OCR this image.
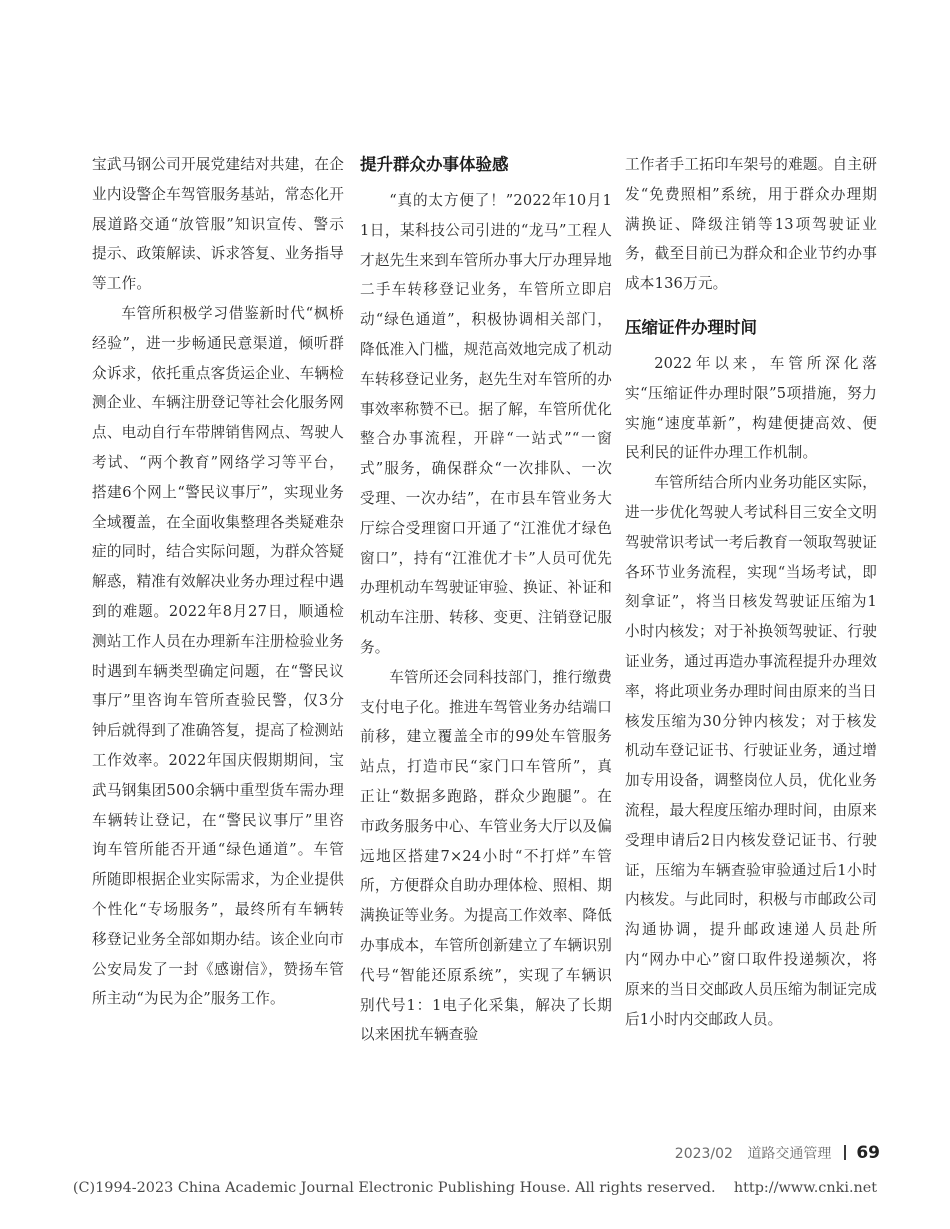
宝武马钢公司开展党建结对共建，在企业内设警企车驾管服务基站，常态化开展道路交通“放管服”知识宣传、警示提示、政策解读、诉求答复、业务指导等工作。

车管所积极学习借鉴新时代“枫桥经验”，进一步畅通民意渠道，倾听群众诉求，依托重点客货运企业、车辆检测企业、车辆注册登记等社会化服务网点、电动自行车带牌销售网点、驾驶人考试、“两个教育”网络学习等平台，搭建6个网上“警民议事厅”，实现业务全域覆盖，在全面收集整理各类疑难杂症的同时，结合实际问题，为群众答疑解惑，精准有效解决业务办理过程中遇到的难题。2022年8月27日，顺通检测站工作人员在办理新车注册检验业务时遇到车辆类型确定问题，在“警民议事厅”里咨询车管所查验民警，仅3分钟后就得到了准确答复，提高了检测站工作效率。2022年国庆假期期间，宝武马钢集团500余辆中重型货车需办理车辆转让登记，在“警民议事厅”里咨询车管所能否开通“绿色通道”。车管所随即根据企业实际需求，为企业提供个性化“专场服务”，最终所有车辆转移登记业务全部如期办结。该企业向市公安局发了一封《感谢信》，赞扬车管所主动“为民为企”服务工作。

提升群众办事体验感

“真的太方便了！”2022年10月11日，某科技公司引进的“龙马”工程人才赵先生来到车管所办事大厅办理异地二手车转移登记业务，车管所立即启动“绿色通道”，积极协调相关部门，降低准入门槛，规范高效地完成了机动车转移登记业务，赵先生对车管所的办事效率称赞不已。据了解，车管所优化整合办事流程，开辟“一站式”“一窗式”服务，确保群众“一次排队、一次受理、一次办结”，在市县车管业务大厅综合受理窗口开通了“江淮优才绿色窗口”，持有“江淮优才卡”人员可优先办理机动车驾驶证审验、换证、补证和机动车注册、转移、变更、注销登记服务。

车管所还会同科技部门，推行缴费支付电子化。推进车驾管业务办结端口前移，建立覆盖全市的99处车管服务站点，打造市民“家门口车管所”，真正让“数据多跑路，群众少跑腿”。在市政务服务中心、车管业务大厅以及偏远地区搭建7×24小时“不打烊”车管所，方便群众自助办理体检、照相、期满换证等业务。为提高工作效率、降低办事成本，车管所创新建立了车辆识别代号“智能还原系统”，实现了车辆识别代号1：1电子化采集，解决了长期以来困扰车辆查验

工作者手工拓印车架号的难题。自主研发“免费照相”系统，用于群众办理期满换证、降级注销等13项驾驶证业务，截至目前已为群众和企业节约办事成本136万元。

压缩证件办理时间

2022年以来，车管所深化落实“压缩证件办理时限”5项措施，努力实施“速度革新”，构建便捷高效、便民利民的证件办理工作机制。

车管所结合所内业务功能区实际，进一步优化驾驶人考试科目三安全文明驾驶常识考试一考后教育一领取驾驶证各环节业务流程，实现“当场考试，即刻拿证”，将当日核发驾驶证压缩为1小时内核发；对于补换领驾驶证、行驶证业务，通过再造办事流程提升办理效率，将此项业务办理时间由原来的当日核发压缩为30分钟内核发；对于核发机动车登记证书、行驶证业务，通过增加专用设备，调整岗位人员，优化业务流程，最大程度压缩办理时间，由原来受理申请后2日内核发登记证书、行驶证，压缩为车辆查验审验通过后1小时内核发。与此同时，积极与市邮政公司沟通协调，提升邮政速递人员赴所内“网办中心”窗口取件投递频次，将原来的当日交邮政人员压缩为制证完成后1小时内交邮政人员。

2023/02 道路交通管理 69
(C)1994-2023 China Academic Journal Electronic Publishing House. All rights reserved.    http://www.cnki.net
